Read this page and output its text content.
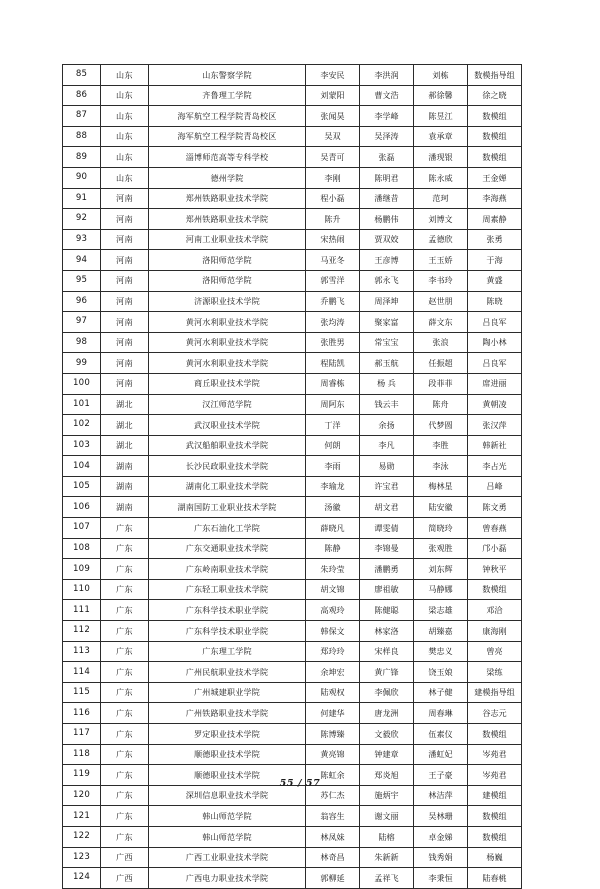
85	山东	山东警察学院	李安民	李洪润	刘栋	数模指导组
86	山东	齐鲁理工学院	刘蒙阳	曹文浩	郝徐馨	徐之晓
87	山东	海军航空工程学院青岛校区	张闻昊	李学峰	陈昱江	数模组
88	山东	海军航空工程学院青岛校区	吴双	吴泽涛	袁承章	数模组
89	山东	淄博师范高等专科学校	吴青可	张磊	潘现银	数模组
90	山东	德州学院	李刚	陈明君	陈永威	王金婵
91	河南	郑州铁路职业技术学院	程小磊	潘继昔	范珂	李海燕
92	河南	郑州铁路职业技术学院	陈升	杨鹏伟	刘博文	周素静
93	河南	河南工业职业技术学院	宋热闹	贾双姣	孟德欣	张勇
94	河南	洛阳师范学院	马亚冬	王彦博	王玉娇	于海
95	河南	洛阳师范学院	郭雪洋	郭永飞	李书玲	黄盛
96	河南	济源职业技术学院	乔鹏飞	周泽坤	赵世朋	陈晓
97	河南	黄河水利职业技术学院	张均涛	聚家富	薛文东	吕良军
98	河南	黄河水利职业技术学院	张胜男	常宝宝	张浪	陶小林
99	河南	黄河水利职业技术学院	程陆凯	郝玉航	任振超	吕良军
100	河南	商丘职业技术学院	周睿栋	杨 兵	段菲菲	席进丽
101	湖北	汉江师范学院	周阿东	钱云丰	陈舟	黄朝凌
102	湖北	武汉职业技术学院	丁洋	余扬	代梦圆	张汉萍
103	湖北	武汉船舶职业技术学院	何朗	李凡	李胜	韩新社
104	湖南	长沙民政职业技术学院	李雨	易勋	李泳	李占光
105	湖南	湖南化工职业技术学院	李瑜龙	许宝君	梅林星	吕峰
106	湖南	湖南国防工业职业技术学院	汤徽	胡文君	陆安徽	陈文勇
107	广东	广东石油化工学院	薛晓凡	谭雯倩	简晓玲	曾春燕
108	广东	广东交通职业技术学院	陈静	李锦曼	张观胜	邝小磊
109	广东	广东岭南职业技术学院	朱玲莹	潘鹏勇	刘东辉	钟秋平
110	广东	广东轻工职业技术学院	胡文锦	廖祖敏	马静娜	数模组
111	广东	广东科学技术职业学院	高观玲	陈健聪	梁志雄	邓洽
112	广东	广东科学技术职业学院	韩保文	林家洛	胡臻嘉	康海刚
113	广东	广东理工学院	郑玲玲	宋样良	樊忠义	曾亮
114	广东	广州民航职业技术学院	余坤宏	黄广锋	饶玉娘	梁练
115	广东	广州城建职业学院	陆观权	李佩欣	林子健	建模指导组
116	广东	广州铁路职业技术学院	何建华	唐龙洲	周春琳	谷志元
117	广东	罗定职业技术学院	陈博臻	文毅欣	伍素仪	数模组
118	广东	顺德职业技术学院	黄亮锦	钟建章	潘虹妃	岑苑君
119	广东	顺德职业技术学院	陈虹余	郑炎旭	王子豪	岑苑君
120	广东	深圳信息职业技术学院	苏仁杰	施炳宇	林洁萍	建模组
121	广东	韩山师范学院	翁容生	谢文丽	吴林珊	数模组
122	广东	韩山师范学院	林凤妹	陆榕	卓金娣	数模组
123	广西	广西工业职业技术学院	林奇昌	朱新新	钱秀娟	杨巍
124	广西	广西电力职业技术学院	郭柳延	孟祥飞	李秉恒	陆春桃
55 / 57
